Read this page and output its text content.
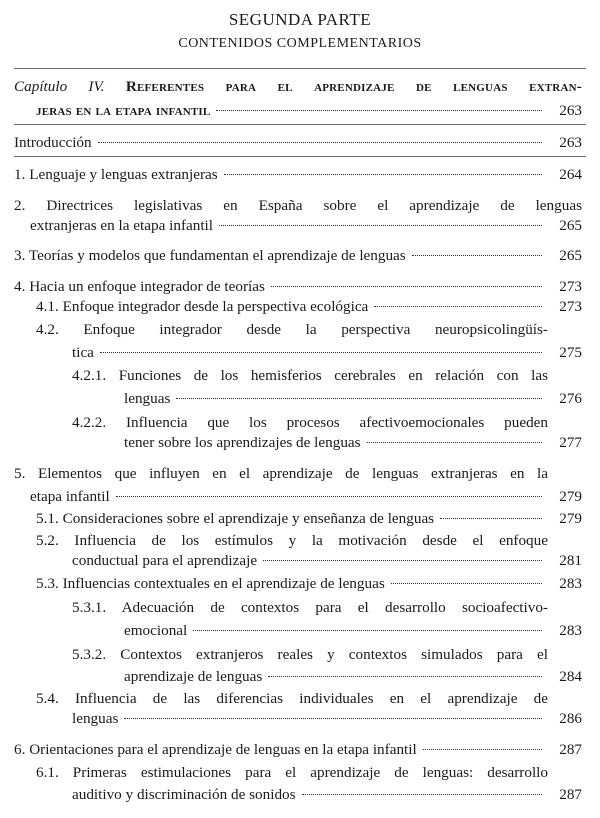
SEGUNDA PARTE
CONTENIDOS COMPLEMENTARIOS
Capítulo IV. Referentes para el aprendizaje de lenguas extran-
jeras en la etapa infantil	263
Introducción	263
1. Lenguaje y lenguas extranjeras	264
2. Directrices legislativas en España sobre el aprendizaje de lenguas
extranjeras en la etapa infantil	265
3. Teorías y modelos que fundamentan el aprendizaje de lenguas	265
4. Hacia un enfoque integrador de teorías	273
4.1. Enfoque integrador desde la perspectiva ecológica	273
4.2. Enfoque integrador desde la perspectiva neuropsicolingüís-
tica	275
4.2.1. Funciones de los hemisferios cerebrales en relación con las
lenguas	276
4.2.2. Influencia que los procesos afectivoemocionales pueden
tener sobre los aprendizajes de lenguas	277
5. Elementos que influyen en el aprendizaje de lenguas extranjeras en la
etapa infantil	279
5.1. Consideraciones sobre el aprendizaje y enseñanza de lenguas	279
5.2. Influencia de los estímulos y la motivación desde el enfoque
conductual para el aprendizaje	281
5.3. Influencias contextuales en el aprendizaje de lenguas	283
5.3.1. Adecuación de contextos para el desarrollo socioafectivo-
emocional	283
5.3.2. Contextos extranjeros reales y contextos simulados para el
aprendizaje de lenguas	284
5.4. Influencia de las diferencias individuales en el aprendizaje de
lenguas	286
6. Orientaciones para el aprendizaje de lenguas en la etapa infantil	287
6.1. Primeras estimulaciones para el aprendizaje de lenguas: desarrollo
auditivo y discriminación de sonidos	287
